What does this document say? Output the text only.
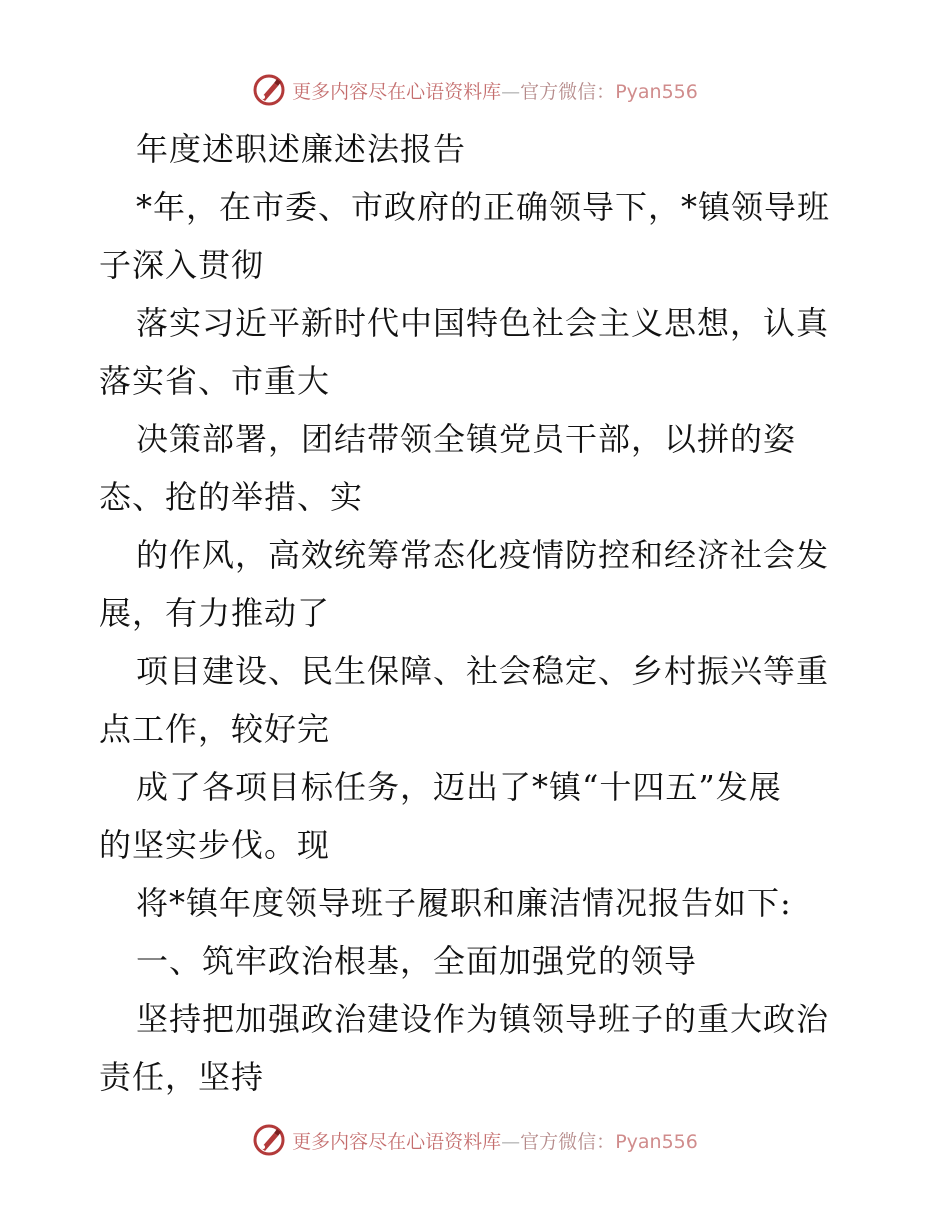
更多内容尽在心语资料库—官方微信：Pyan556
年度述职述廉述法报告
*年，在市委、市政府的正确领导下，*镇领导班
子深入贯彻
落实习近平新时代中国特色社会主义思想，认真
落实省、市重大
决策部署，团结带领全镇党员干部，以拼的姿
态、抢的举措、实
的作风，高效统筹常态化疫情防控和经济社会发
展，有力推动了
项目建设、民生保障、社会稳定、乡村振兴等重
点工作，较好完
成了各项目标任务，迈出了*镇“十四五”发展
的坚实步伐。现
将*镇年度领导班子履职和廉洁情况报告如下:
一、筑牢政治根基，全面加强党的领导
坚持把加强政治建设作为镇领导班子的重大政治
责任，坚持
更多内容尽在心语资料库—官方微信：Pyan556
